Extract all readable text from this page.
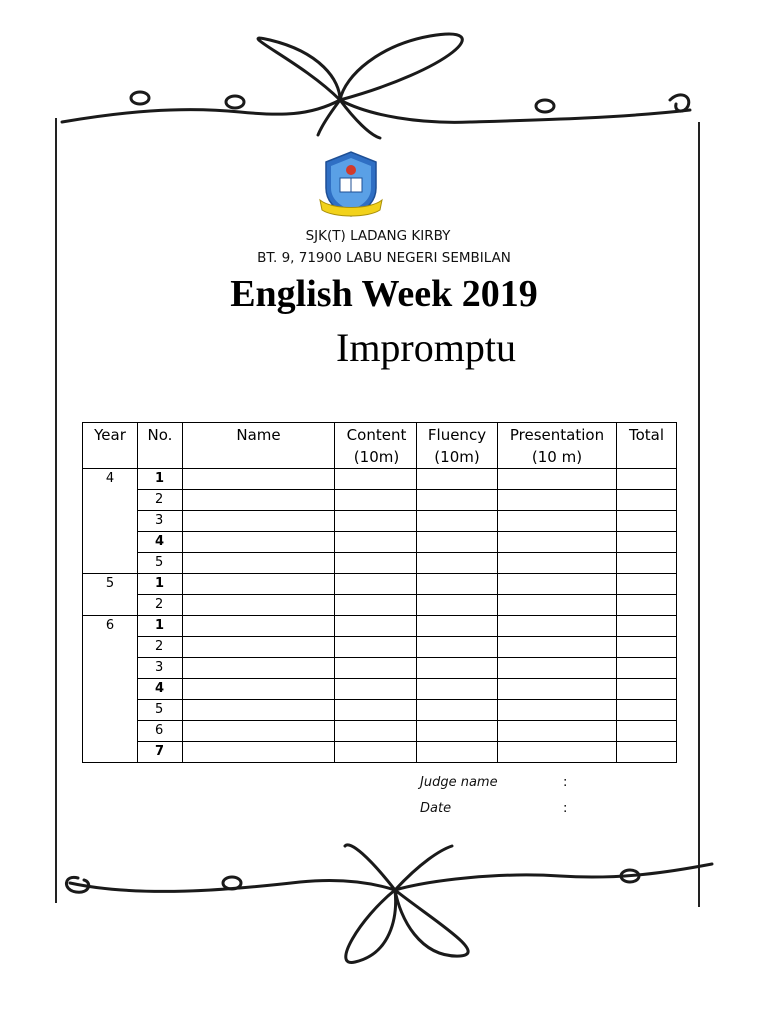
SJK(T) LADANG KIRBY
BT. 9, 71900 LABU NEGERI SEMBILAN
English Week 2019
Impromptu
Year	No.	Name	Content (10m)	Fluency (10m)	Presentation (10 m)	Total
4	1					
	2					
	3					
	4					
	5					
5	1					
	2					
6	1					
	2					
	3					
	4					
	5					
	6					
	7					
Judge name	:
Date	:
